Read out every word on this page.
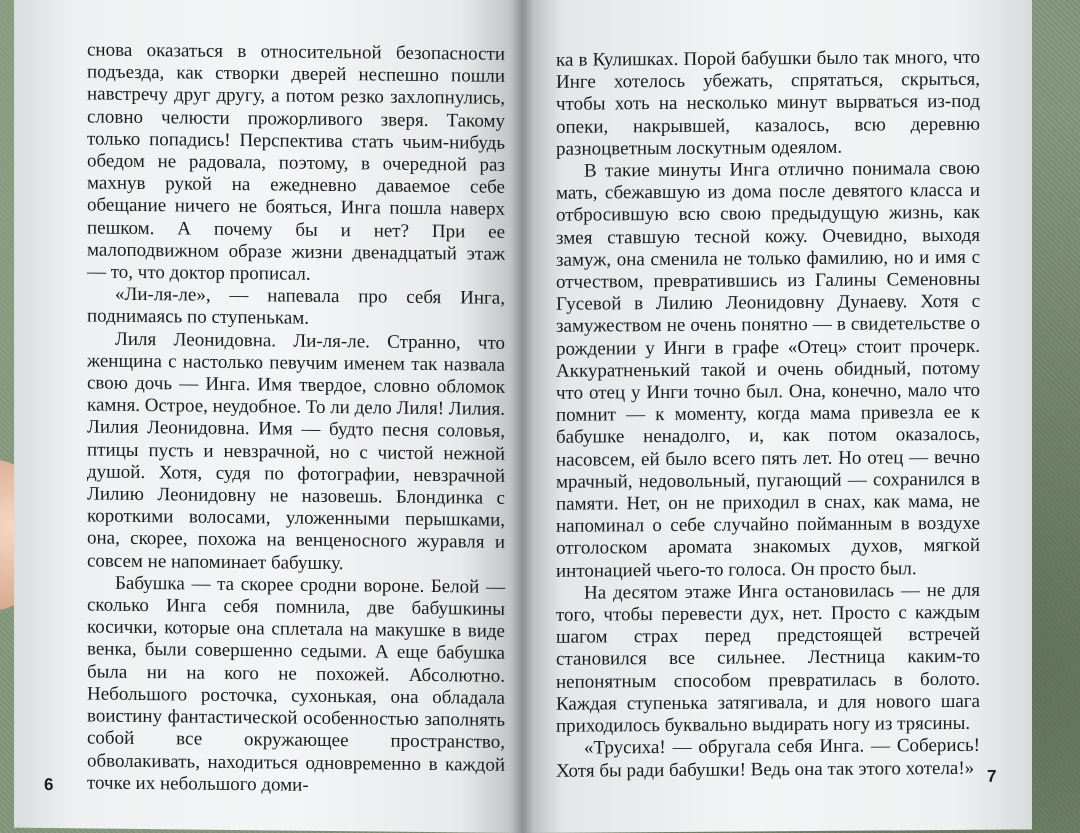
снова оказаться в относительной безопасности подъезда, как створки дверей неспешно пошли навстречу друг другу, а потом резко захлопнулись, словно челюсти прожорливого зверя. Такому только попадись! Перспектива стать чьим-нибудь обедом не радовала, поэтому, в очередной раз махнув рукой на ежедневно даваемое себе обещание ничего не бояться, Инга пошла наверх пешком. А почему бы и нет? При ее малоподвижном образе жизни двенадцатый этаж — то, что доктор прописал.

«Ли-ля-ле», — напевала про себя Инга, поднимаясь по ступенькам.

Лиля Леонидовна. Ли-ля-ле. Странно, что женщина с настолько певучим именем так назвала свою дочь — Инга. Имя твердое, словно обломок камня. Острое, неудобное. То ли дело Лиля! Лилия. Лилия Леонидовна. Имя — будто песня соловья, птицы пусть и невзрачной, но с чистой нежной душой. Хотя, судя по фотографии, невзрачной Лилию Леонидовну не назовешь. Блондинка с короткими волосами, уложенными перышками, она, скорее, похожа на венценосного журавля и совсем не напоминает бабушку.

Бабушка — та скорее сродни вороне. Белой — сколько Инга себя помнила, две бабушкины косички, которые она сплетала на макушке в виде венка, были совершенно седыми. А еще бабушка была ни на кого не похожей. Абсолютно. Небольшого росточка, сухонькая, она обладала воистину фантастической особенностью заполнять собой все окружающее пространство, обволакивать, находиться одновременно в каждой точке их небольшого доми-

6

ка в Кулишках. Порой бабушки было так много, что Инге хотелось убежать, спрятаться, скрыться, чтобы хоть на несколько минут вырваться из-под опеки, накрывшей, казалось, всю деревню разноцветным лоскутным одеялом.

В такие минуты Инга отлично понимала свою мать, сбежавшую из дома после девятого класса и отбросившую всю свою предыдущую жизнь, как змея ставшую тесной кожу. Очевидно, выходя замуж, она сменила не только фамилию, но и имя с отчеством, превратившись из Галины Семеновны Гусевой в Лилию Леонидовну Дунаеву. Хотя с замужеством не очень понятно — в свидетельстве о рождении у Инги в графе «Отец» стоит прочерк. Аккуратненький такой и очень обидный, потому что отец у Инги точно был. Она, конечно, мало что помнит — к моменту, когда мама привезла ее к бабушке ненадолго, и, как потом оказалось, насовсем, ей было всего пять лет. Но отец — вечно мрачный, недовольный, пугающий — сохранился в памяти. Нет, он не приходил в снах, как мама, не напоминал о себе случайно пойманным в воздухе отголоском аромата знакомых духов, мягкой интонацией чьего-то голоса. Он просто был.

На десятом этаже Инга остановилась — не для того, чтобы перевести дух, нет. Просто с каждым шагом страх перед предстоящей встречей становился все сильнее. Лестница каким-то непонятным способом превратилась в болото. Каждая ступенька затягивала, и для нового шага приходилось буквально выдирать ногу из трясины.

«Трусиха! — обругала себя Инга. — Соберись! Хотя бы ради бабушки! Ведь она так этого хотела!» 7
